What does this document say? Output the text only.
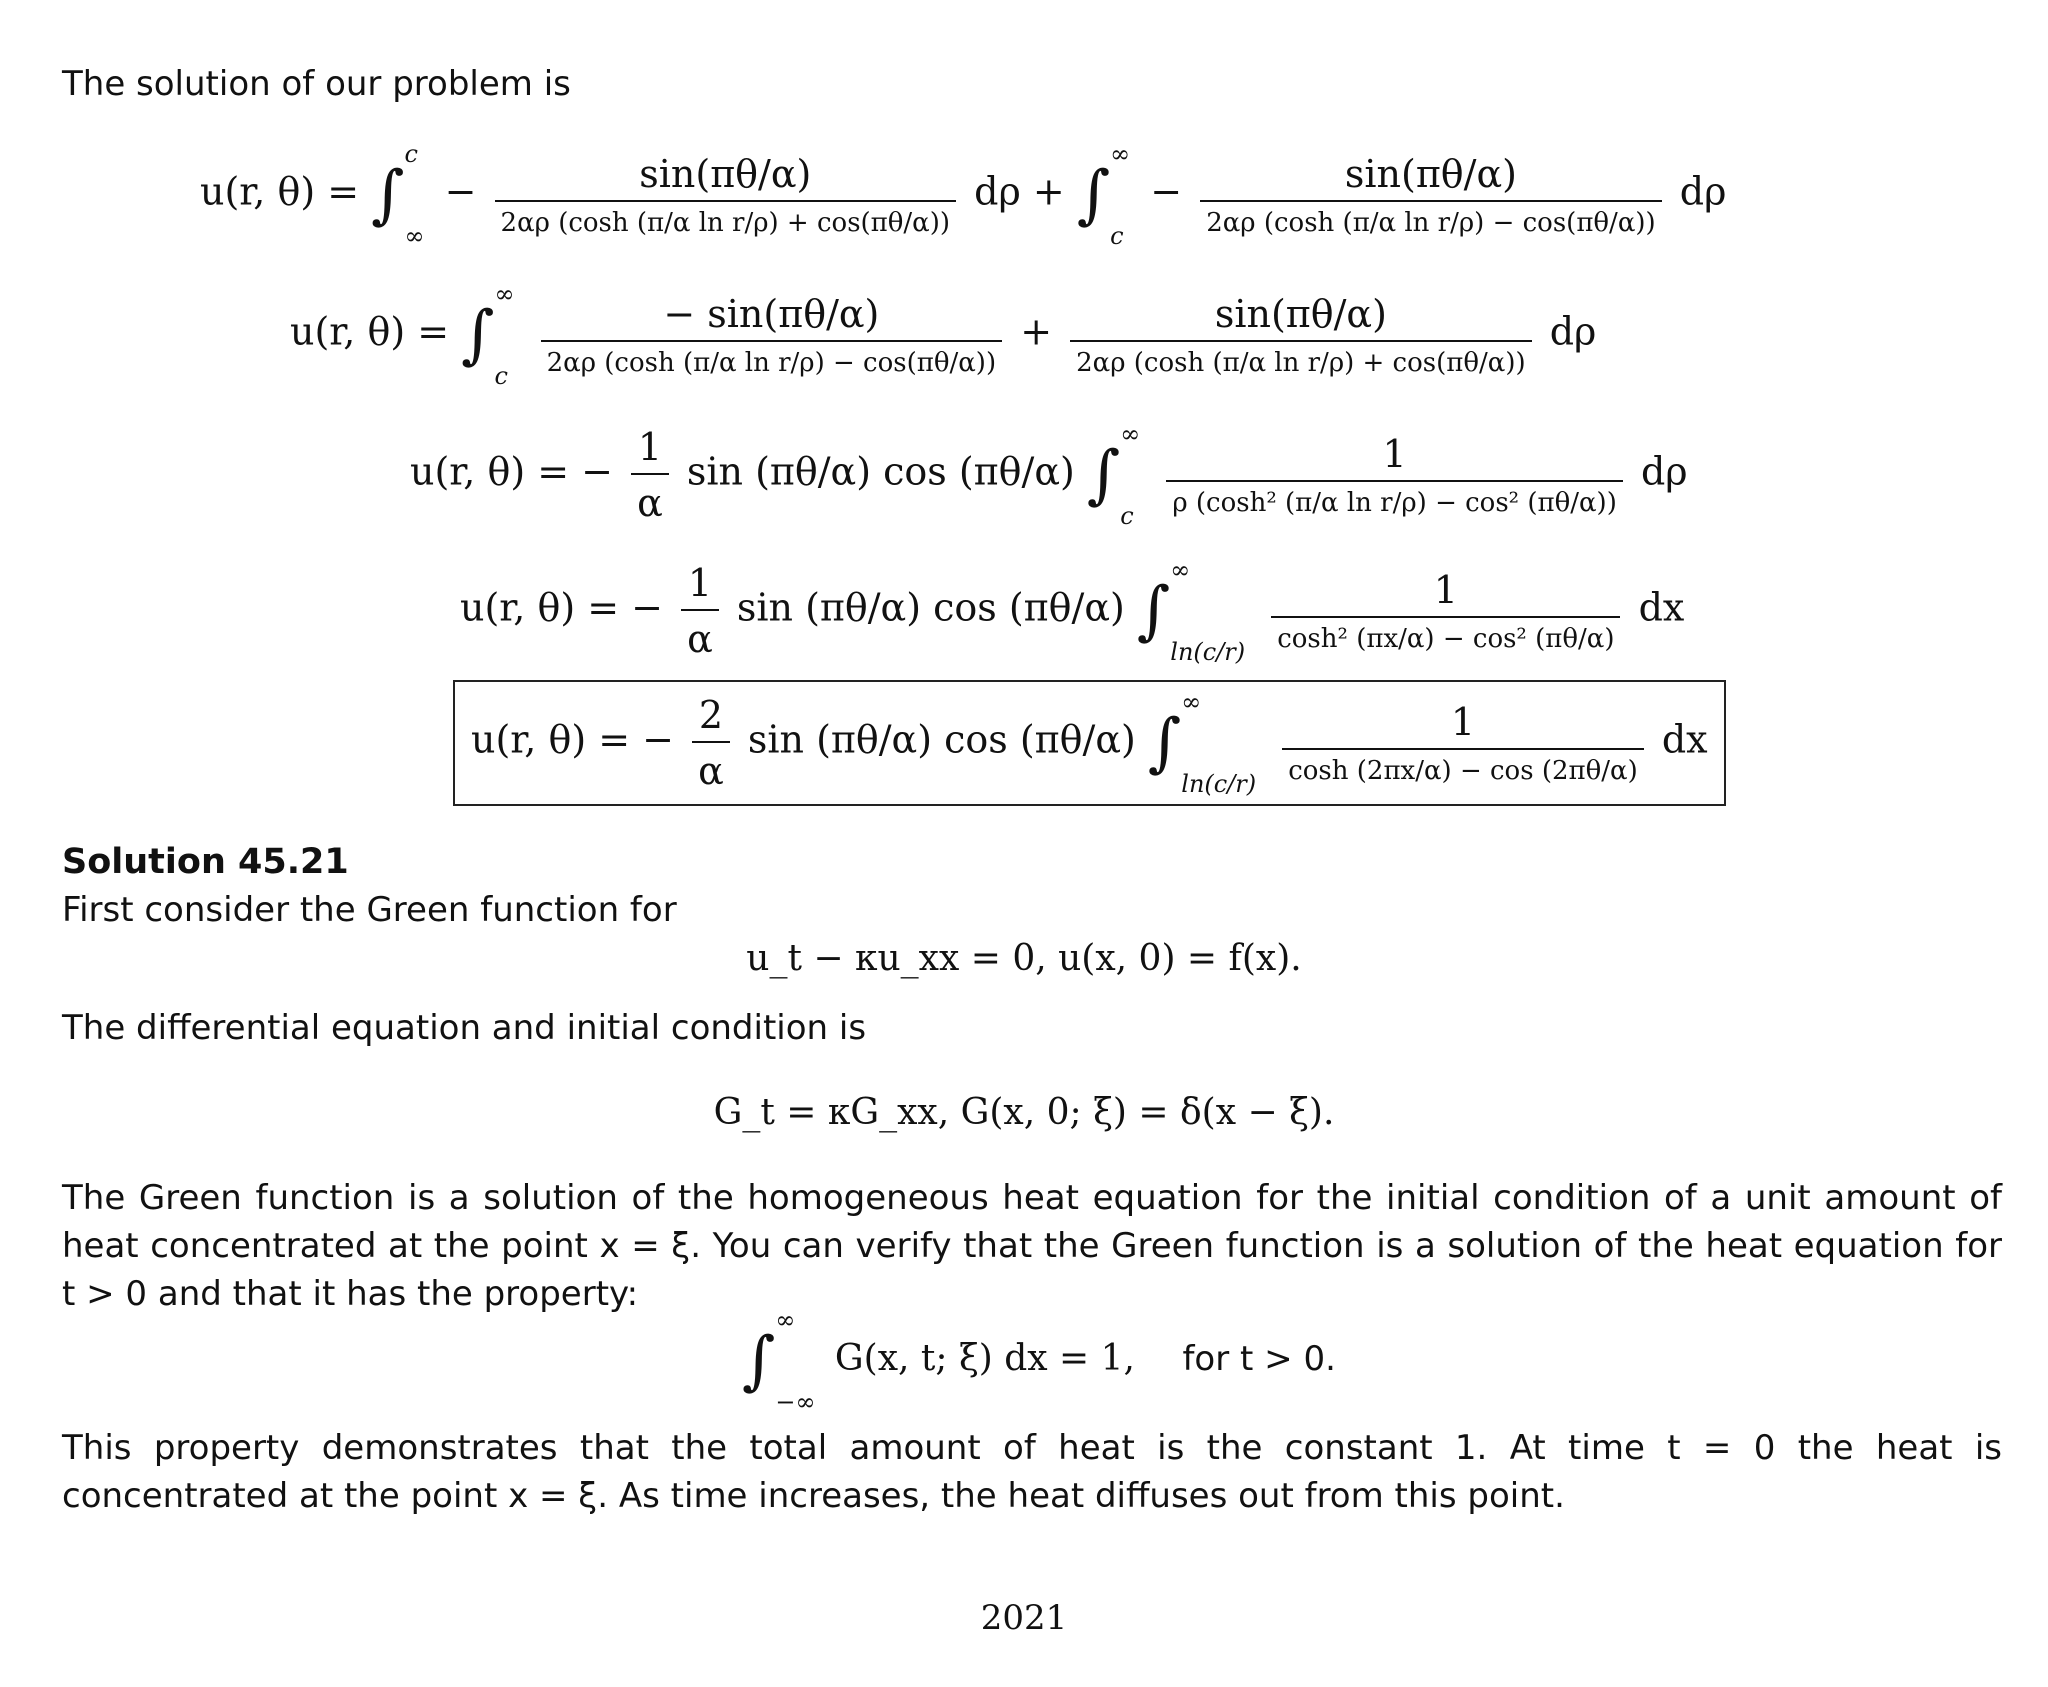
The solution of our problem is
u(r, θ) = ∫
c
∞
− $\frac{\sin(\pi\theta/\alpha)}{\text{2αρ (cosh (π/α ln r/ρ) + cos(πθ/α))}}$ dρ + ∫
∞
c
− $\frac{\sin(\pi\theta/\alpha)}{\text{2αρ (cosh (π/α ln r/ρ) − cos(πθ/α))}}$ dρ
u(r, θ) = ∫
∞
c
$\frac{- \sin(\pi\theta/\alpha)}{\text{2αρ (cosh (π/α ln r/ρ) − cos(πθ/α))}} + \frac{\sin(\pi\theta/\alpha)}{\text{2αρ (cosh (π/α ln r/ρ) + cos(πθ/α))}}$ dρ
u(r, θ) = − $\frac{1}{\alpha}$ sin (πθ/α) cos (πθ/α) ∫
∞
c
$\frac{1}{\text{ρ (cosh² (π/α ln r/ρ) − cos² (πθ/α))}}$ dρ
u(r, θ) = − $\frac{1}{\alpha}$ sin (πθ/α) cos (πθ/α) ∫
∞
ln(c/r)
$\frac{1}{\text{cosh² (πx/α) − cos² (πθ/α)}}$ dx
u(r, θ) = − $\frac{2}{\alpha}$ sin (πθ/α) cos (πθ/α) ∫
∞
ln(c/r)
$\frac{1}{\cosh (2\pi x/\alpha) - \cos (2\pi\theta/\alpha)}$ dx
Solution 45.21
First consider the Green function for
u_t − κu_xx = 0, u(x, 0) = f(x).
The differential equation and initial condition is
G_t = κG_xx, G(x, 0; ξ) = δ(x − ξ).
The Green function is a solution of the homogeneous heat equation for the initial condition of a unit amount of heat concentrated at the point x = ξ. You can verify that the Green function is a solution of the heat equation for t > 0 and that it has the property:
∫
∞
−∞
G(x, t; ξ) dx = 1, for t > 0.
This property demonstrates that the total amount of heat is the constant 1. At time t = 0 the heat is concentrated at the point x = ξ. As time increases, the heat diffuses out from this point.
2021
